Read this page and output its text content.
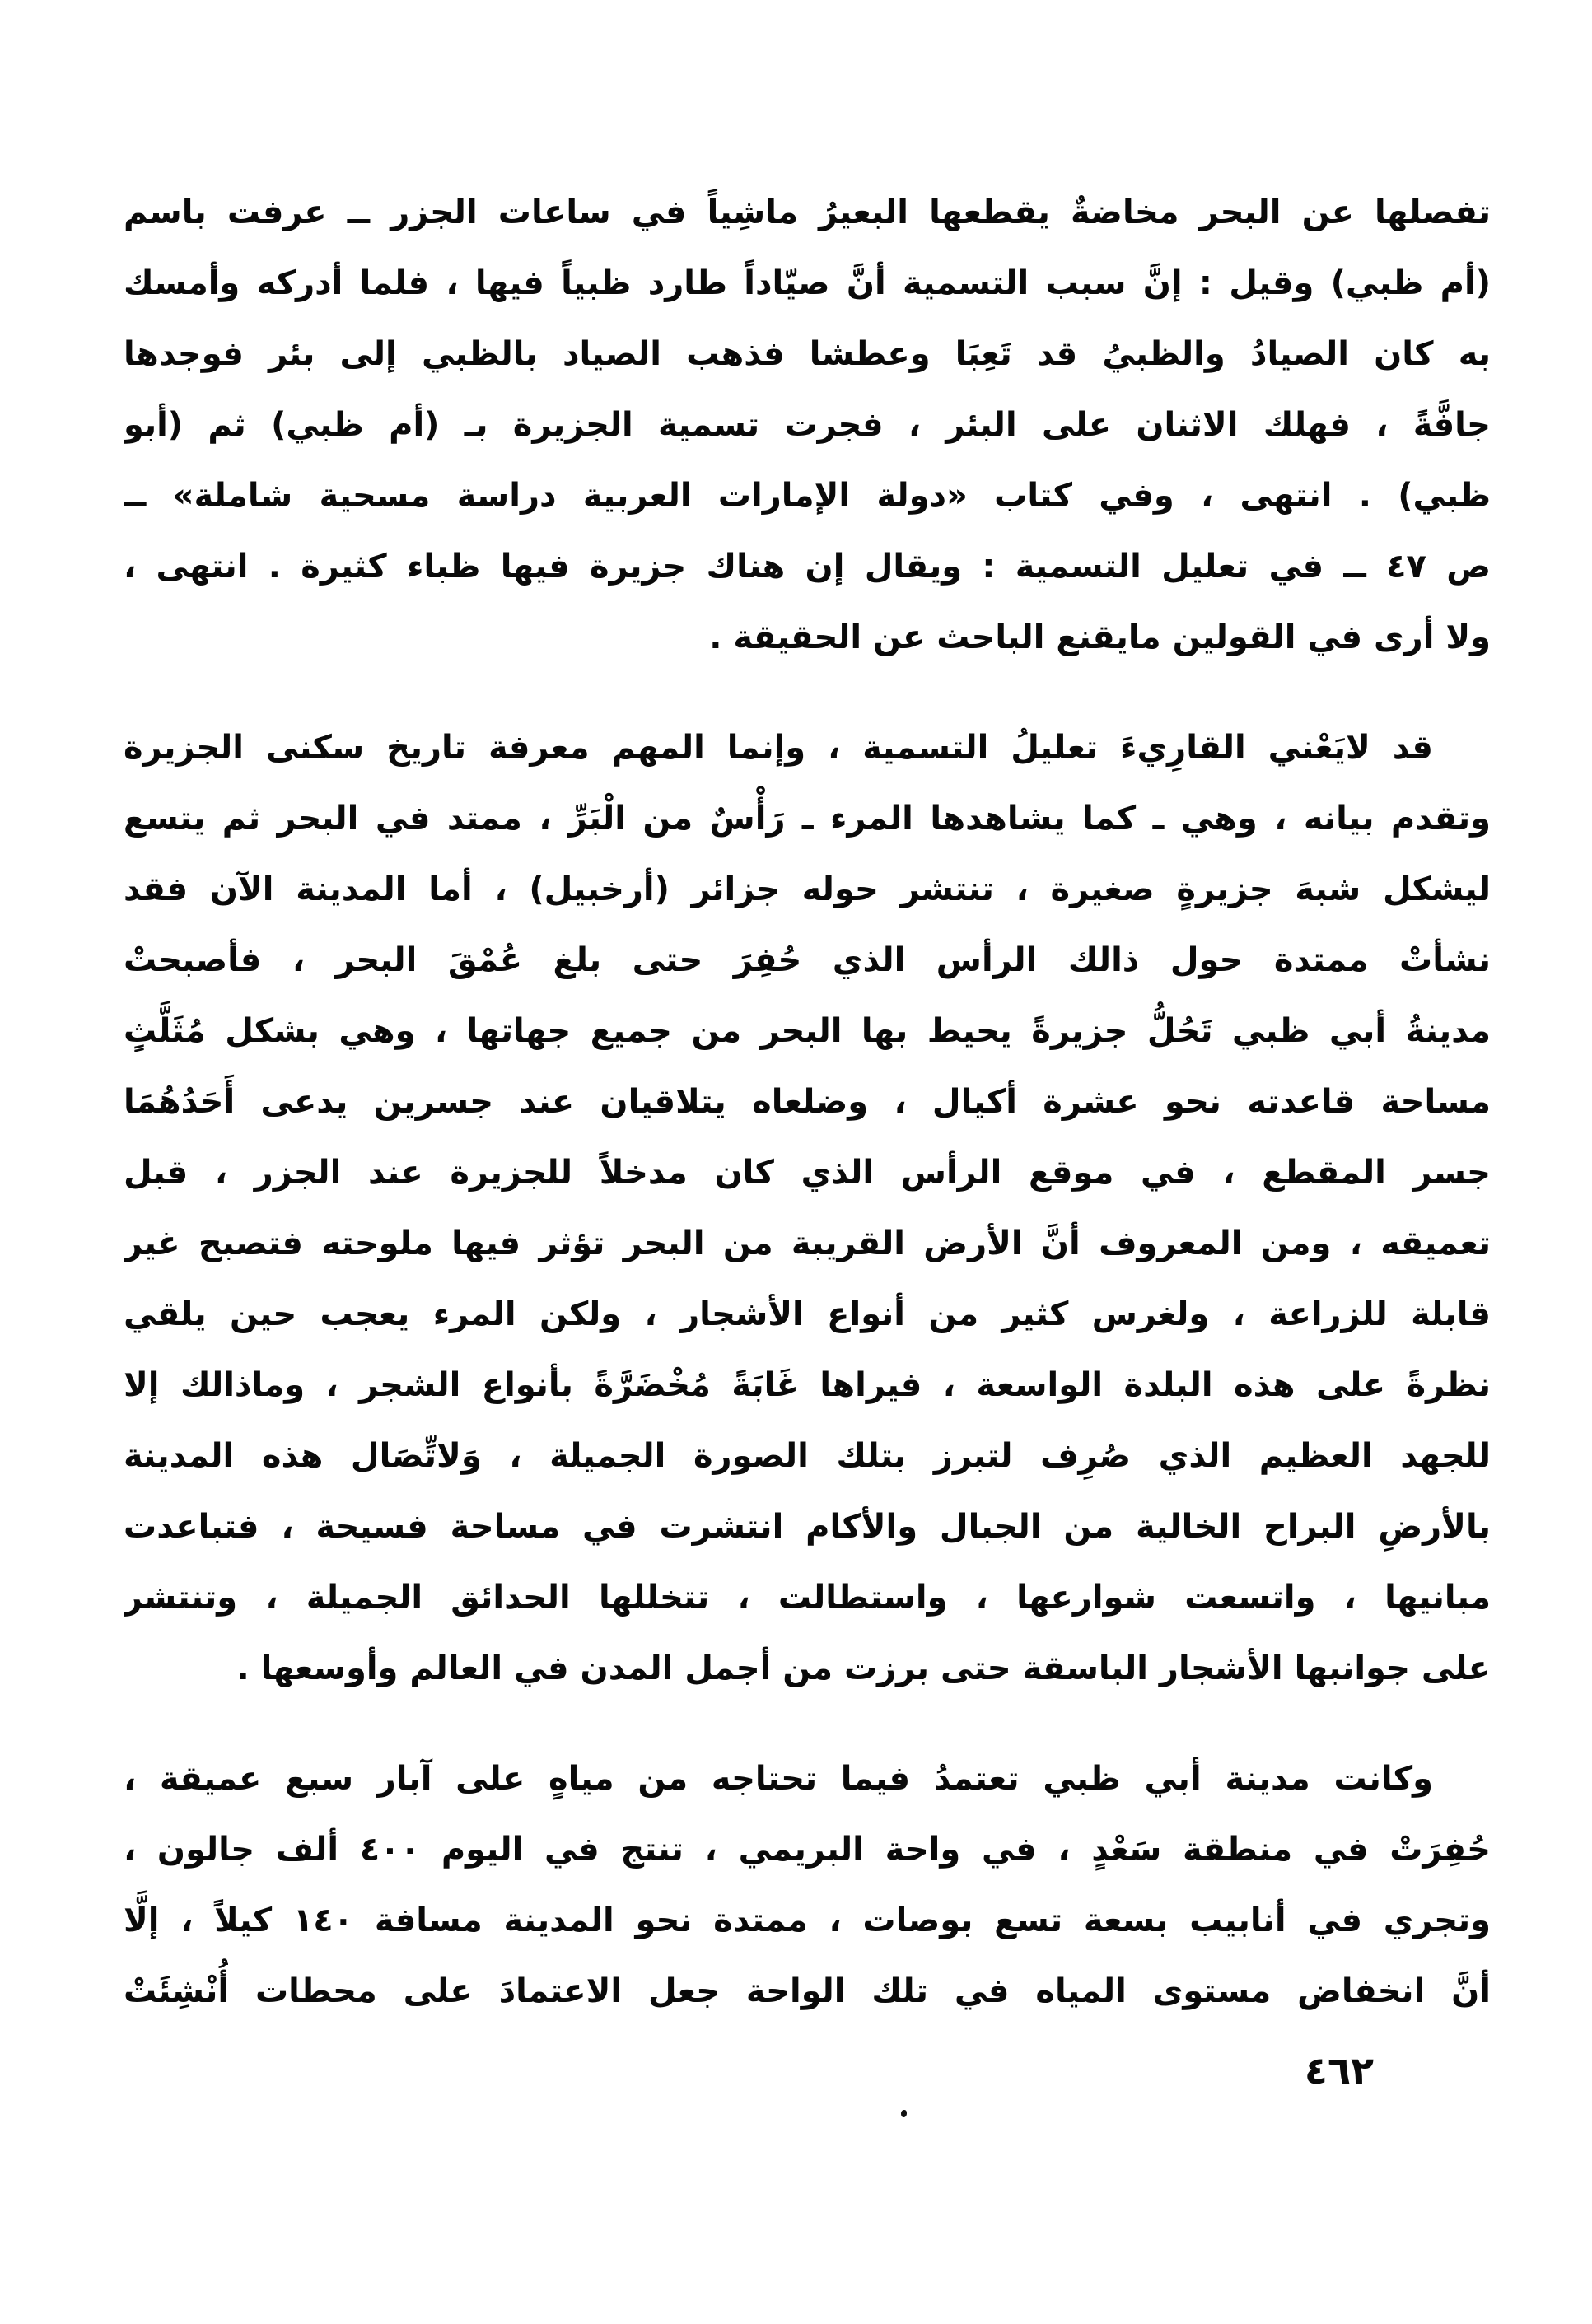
تفصلها عن البحر مخاضةٌ يقطعها البعيرُ ماشِياً في ساعات الجزر ــ عرفت باسم
(أم ظبي) وقيل : إنَّ سبب التسمية أنَّ صيّاداً طارد ظبياً فيها ، فلما أدركه وأمسك
به كان الصيادُ والظبيُ قد تَعِبَا وعطشا فذهب الصياد بالظبي إلى بئر فوجدها
جافَّةً ، فهلك الاثنان على البئر ، فجرت تسمية الجزيرة بـ (أم ظبي) ثم (أبو
ظبي) . انتهى ، وفي كتاب «دولة الإمارات العربية دراسة مسحية شاملة» ــ
ص ٤٧ ــ في تعليل التسمية : ويقال إن هناك جزيرة فيها ظباء كثيرة . انتهى ،
ولا أرى في القولين مايقنع الباحث عن الحقيقة .
قد لايَعْني القارِيءَ تعليلُ التسمية ، وإنما المهم معرفة تاريخ سكنى الجزيرة
وتقدم بيانه ، وهي ـ كما يشاهدها المرء ـ رَأْسٌ من الْبَرِّ ، ممتد في البحر ثم يتسع
ليشكل شبهَ جزيرةٍ صغيرة ، تنتشر حوله جزائر (أرخبيل) ، أما المدينة الآن فقد
نشأتْ ممتدة حول ذالك الرأس الذي حُفِرَ حتى بلغ عُمْقَ البحر ، فأصبحتْ
مدينةُ أبي ظبي تَحُلُّ جزيرةً يحيط بها البحر من جميع جهاتها ، وهي بشكل مُثَلَّثٍ
مساحة قاعدته نحو عشرة أكيال ، وضلعاه يتلاقيان عند جسرين يدعى أَحَدُهُمَا
جسر المقطع ، في موقع الرأس الذي كان مدخلاً للجزيرة عند الجزر ، قبل
تعميقه ، ومن المعروف أنَّ الأرض القريبة من البحر تؤثر فيها ملوحته فتصبح غير
قابلة للزراعة ، ولغرس كثير من أنواع الأشجار ، ولكن المرء يعجب حين يلقي
نظرةً على هذه البلدة الواسعة ، فيراها غَابَةً مُخْضَرَّةً بأنواع الشجر ، وماذالك إلا
للجهد العظيم الذي صُرِف لتبرز بتلك الصورة الجميلة ، وَلاتِّصَال هذه المدينة
بالأرضِ البراح الخالية من الجبال والأكام انتشرت في مساحة فسيحة ، فتباعدت
مبانيها ، واتسعت شوارعها ، واستطالت ، تتخللها الحدائق الجميلة ، وتنتشر
على جوانبها الأشجار الباسقة حتى برزت من أجمل المدن في العالم وأوسعها .
وكانت مدينة أبي ظبي تعتمدُ فيما تحتاجه من مياهٍ على آبار سبع عميقة ،
حُفِرَتْ في منطقة سَعْدٍ ، في واحة البريمي ، تنتج في اليوم ٤٠٠ ألف جالون ،
وتجري في أنابيب بسعة تسع بوصات ، ممتدة نحو المدينة مسافة ١٤٠ كيلاً ، إلَّا
أنَّ انخفاض مستوى المياه في تلك الواحة جعل الاعتمادَ على محطات أُنْشِئَتْ
٤٦٢
